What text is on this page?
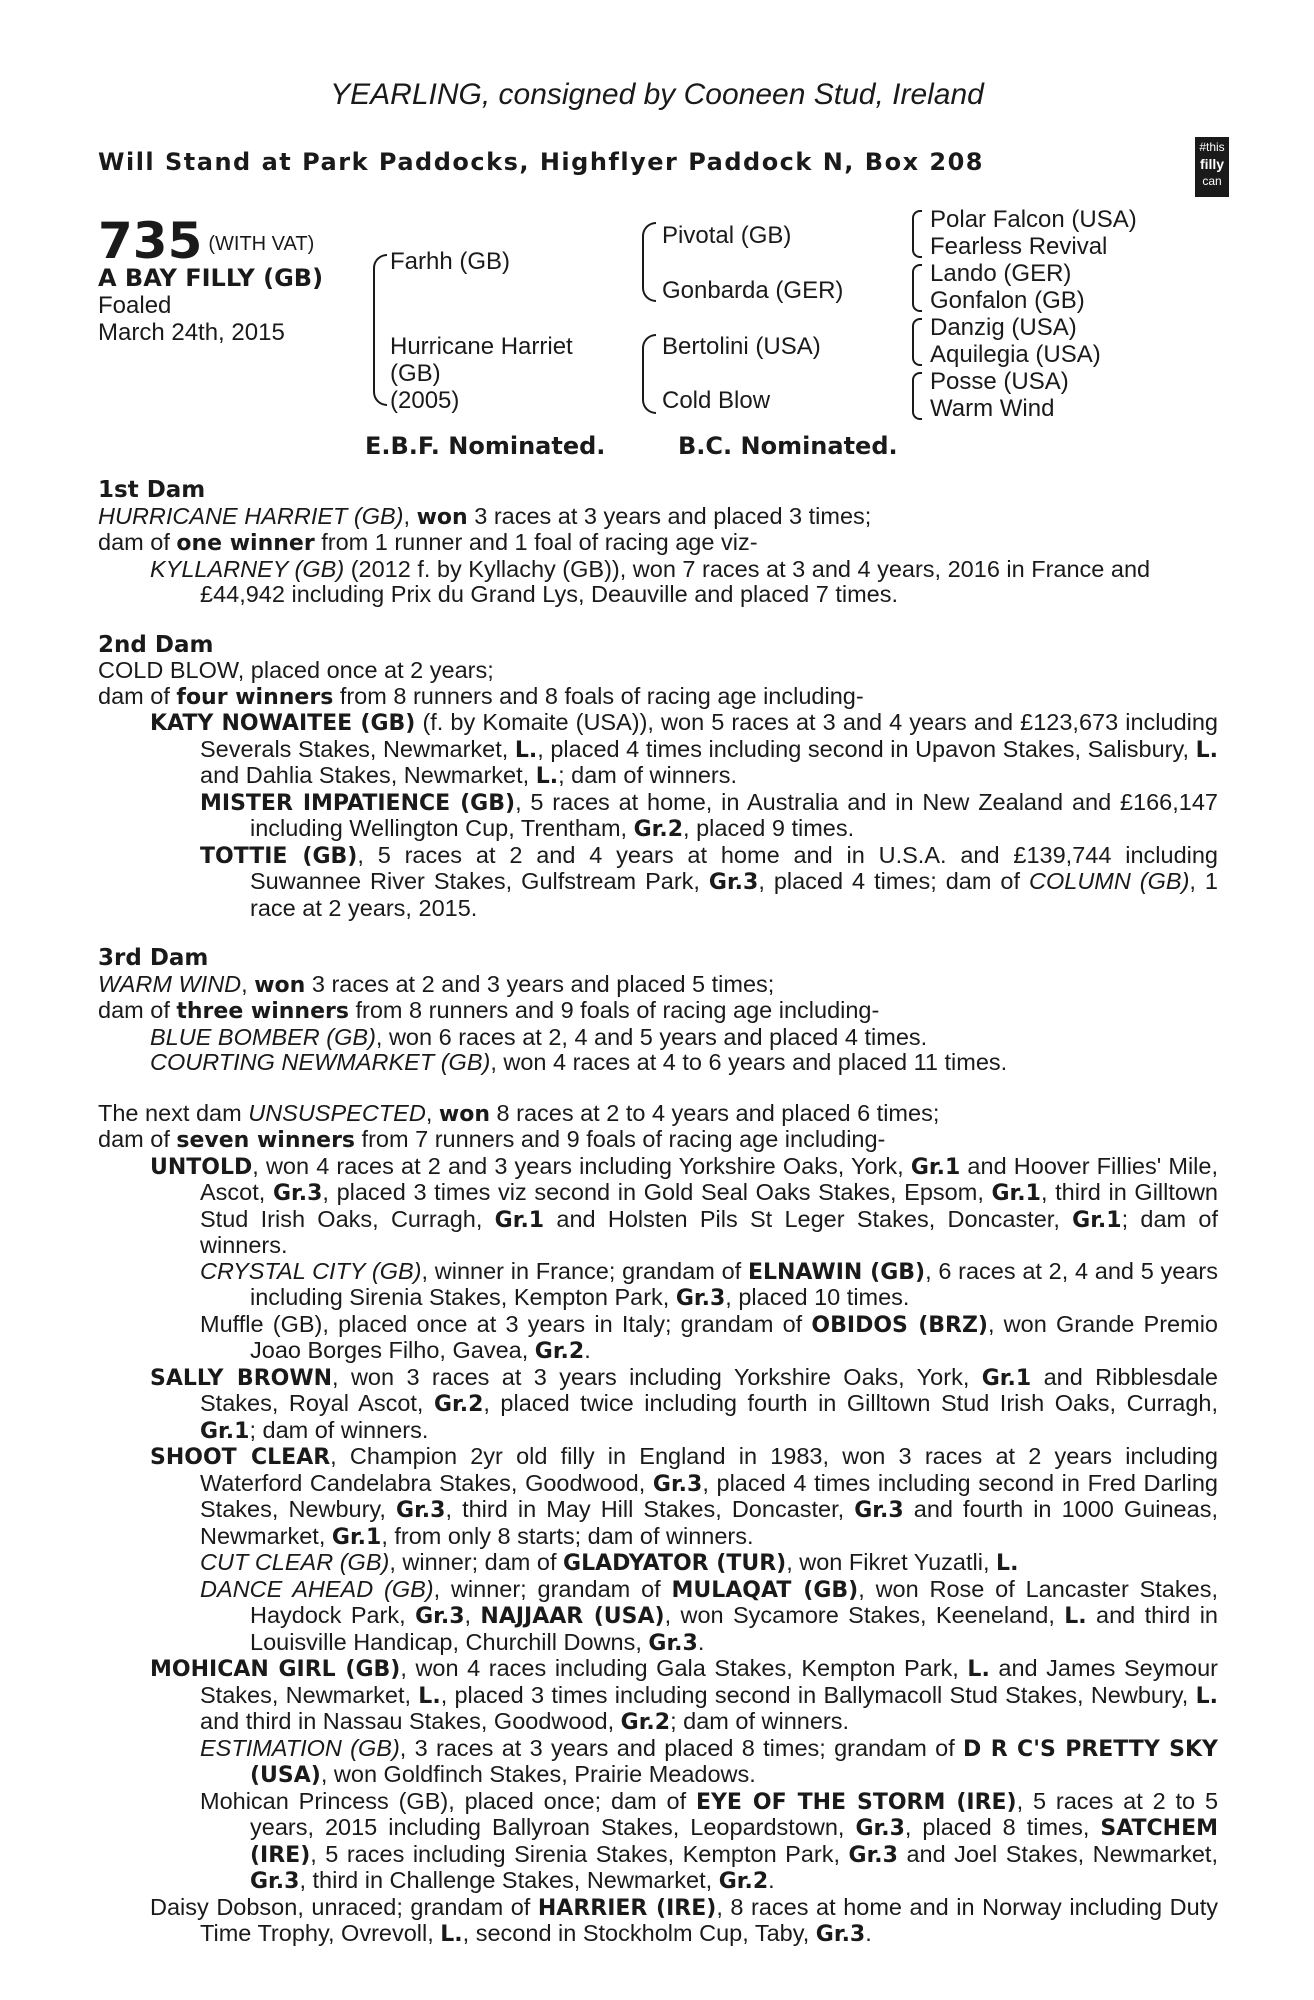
YEARLING, consigned by Cooneen Stud, Ireland
Will Stand at Park Paddocks, Highflyer Paddock N, Box 208
#this
filly
can
735 (WITH VAT)
A BAY FILLY (GB)
Foaled
March 24th, 2015
Farhh (GB)
Hurricane Harriet
(GB)
(2005)
Pivotal (GB)
Gonbarda (GER)
Bertolini (USA)
Cold Blow
Polar Falcon (USA)
Fearless Revival
Lando (GER)
Gonfalon (GB)
Danzig (USA)
Aquilegia (USA)
Posse (USA)
Warm Wind
E.B.F. Nominated.	B.C. Nominated.

1st Dam

HURRICANE HARRIET (GB), won 3 races at 3 years and placed 3 times;

dam of one winner from 1 runner and 1 foal of racing age viz-

KYLLARNEY (GB) (2012 f. by Kyllachy (GB)), won 7 races at 3 and 4 years, 2016 in France and £44,942 including Prix du Grand Lys, Deauville and placed 7 times.

2nd Dam

COLD BLOW, placed once at 2 years;

dam of four winners from 8 runners and 8 foals of racing age including-

KATY NOWAITEE (GB) (f. by Komaite (USA)), won 5 races at 3 and 4 years and £123,673 including Severals Stakes, Newmarket, L., placed 4 times including second in Upavon Stakes, Salisbury, L. and Dahlia Stakes, Newmarket, L.; dam of winners.

MISTER IMPATIENCE (GB), 5 races at home, in Australia and in New Zealand and £166,147 including Wellington Cup, Trentham, Gr.2, placed 9 times.

TOTTIE (GB), 5 races at 2 and 4 years at home and in U.S.A. and £139,744 including Suwannee River Stakes, Gulfstream Park, Gr.3, placed 4 times; dam of COLUMN (GB), 1 race at 2 years, 2015.

3rd Dam

WARM WIND, won 3 races at 2 and 3 years and placed 5 times;

dam of three winners from 8 runners and 9 foals of racing age including-

BLUE BOMBER (GB), won 6 races at 2, 4 and 5 years and placed 4 times.

COURTING NEWMARKET (GB), won 4 races at 4 to 6 years and placed 11 times.

The next dam UNSUSPECTED, won 8 races at 2 to 4 years and placed 6 times;

dam of seven winners from 7 runners and 9 foals of racing age including-

UNTOLD, won 4 races at 2 and 3 years including Yorkshire Oaks, York, Gr.1 and Hoover Fillies' Mile, Ascot, Gr.3, placed 3 times viz second in Gold Seal Oaks Stakes, Epsom, Gr.1, third in Gilltown Stud Irish Oaks, Curragh, Gr.1 and Holsten Pils St Leger Stakes, Doncaster, Gr.1; dam of winners.

CRYSTAL CITY (GB), winner in France; grandam of ELNAWIN (GB), 6 races at 2, 4 and 5 years including Sirenia Stakes, Kempton Park, Gr.3, placed 10 times.

Muffle (GB), placed once at 3 years in Italy; grandam of OBIDOS (BRZ), won Grande Premio Joao Borges Filho, Gavea, Gr.2.

SALLY BROWN, won 3 races at 3 years including Yorkshire Oaks, York, Gr.1 and Ribblesdale Stakes, Royal Ascot, Gr.2, placed twice including fourth in Gilltown Stud Irish Oaks, Curragh, Gr.1; dam of winners.

SHOOT CLEAR, Champion 2yr old filly in England in 1983, won 3 races at 2 years including Waterford Candelabra Stakes, Goodwood, Gr.3, placed 4 times including second in Fred Darling Stakes, Newbury, Gr.3, third in May Hill Stakes, Doncaster, Gr.3 and fourth in 1000 Guineas, Newmarket, Gr.1, from only 8 starts; dam of winners.

CUT CLEAR (GB), winner; dam of GLADYATOR (TUR), won Fikret Yuzatli, L.

DANCE AHEAD (GB), winner; grandam of MULAQAT (GB), won Rose of Lancaster Stakes, Haydock Park, Gr.3, NAJJAAR (USA), won Sycamore Stakes, Keeneland, L. and third in Louisville Handicap, Churchill Downs, Gr.3.

MOHICAN GIRL (GB), won 4 races including Gala Stakes, Kempton Park, L. and James Seymour Stakes, Newmarket, L., placed 3 times including second in Ballymacoll Stud Stakes, Newbury, L. and third in Nassau Stakes, Goodwood, Gr.2; dam of winners.

ESTIMATION (GB), 3 races at 3 years and placed 8 times; grandam of D R C'S PRETTY SKY (USA), won Goldfinch Stakes, Prairie Meadows.

Mohican Princess (GB), placed once; dam of EYE OF THE STORM (IRE), 5 races at 2 to 5 years, 2015 including Ballyroan Stakes, Leopardstown, Gr.3, placed 8 times, SATCHEM (IRE), 5 races including Sirenia Stakes, Kempton Park, Gr.3 and Joel Stakes, Newmarket, Gr.3, third in Challenge Stakes, Newmarket, Gr.2.

Daisy Dobson, unraced; grandam of HARRIER (IRE), 8 races at home and in Norway including Duty Time Trophy, Ovrevoll, L., second in Stockholm Cup, Taby, Gr.3.
